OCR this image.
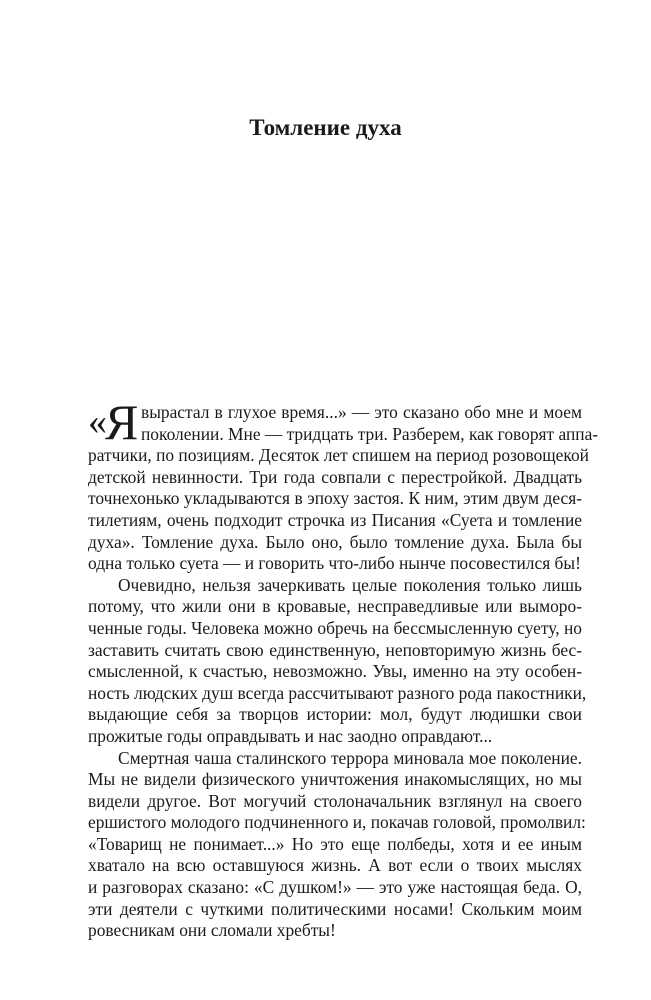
Томление духа
«
Я вырастал в глухое время...» — это сказано обо мне и моем
поколении. Мне — тридцать три. Разберем, как говорят аппа-
ратчики, по позициям. Десяток лет спишем на период розовощекой
детской невинности. Три года совпали с перестройкой. Двадцать
точнехонько укладываются в эпоху застоя. К ним, этим двум деся-
тилетиям, очень подходит строчка из Писания «Суета и томление
духа». Томление духа. Было оно, было томление духа. Была бы
одна только суета — и говорить что-либо нынче посовестился бы!
Очевидно, нельзя зачеркивать целые поколения только лишь
потому, что жили они в кровавые, несправедливые или выморо-
ченные годы. Человека можно обречь на бессмысленную суету, но
заставить считать свою единственную, неповторимую жизнь бес-
смысленной, к счастью, невозможно. Увы, именно на эту особен-
ность людских душ всегда рассчитывают разного рода пакостники,
выдающие себя за творцов истории: мол, будут людишки свои
прожитые годы оправдывать и нас заодно оправдают...
Смертная чаша сталинского террора миновала мое поколение.
Мы не видели физического уничтожения инакомыслящих, но мы
видели другое. Вот могучий столоначальник взглянул на своего
ершистого молодого подчиненного и, покачав головой, промолвил:
«Товарищ не понимает...» Но это еще полбеды, хотя и ее иным
хватало на всю оставшуюся жизнь. А вот если о твоих мыслях
и разговорах сказано: «С душком!» — это уже настоящая беда. О,
эти деятели с чуткими политическими носами! Скольким моим
ровесникам они сломали хребты!
